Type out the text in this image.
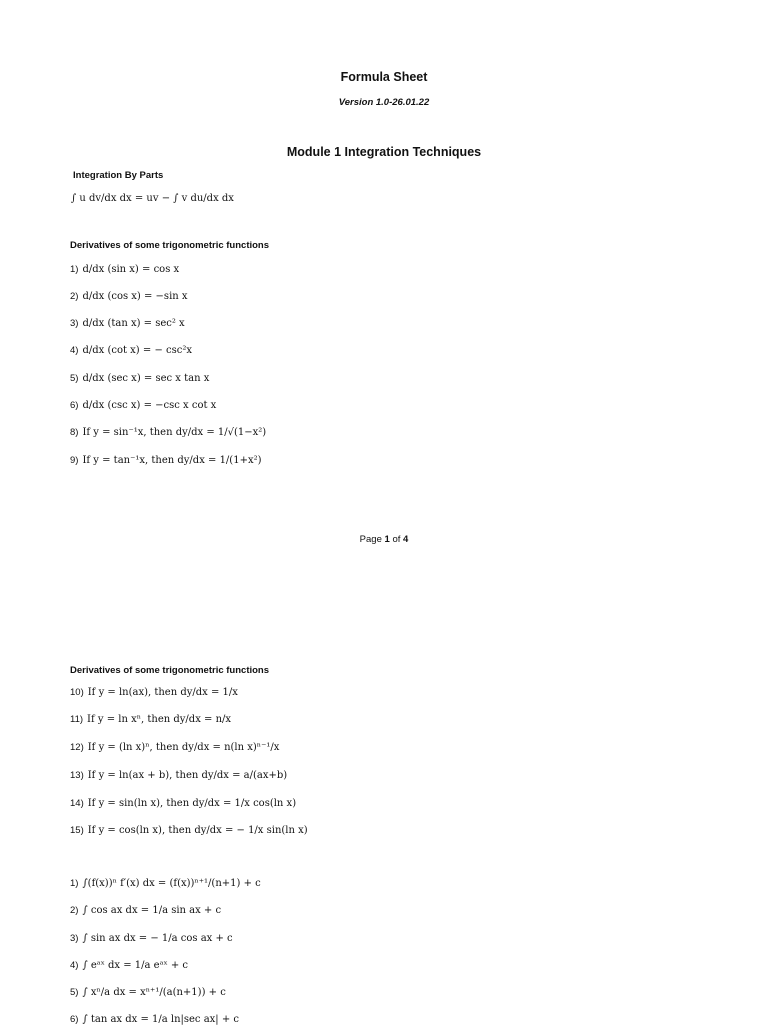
Formula Sheet
Version 1.0-26.01.22
Module 1 Integration Techniques
Integration By Parts
∫ u dv/dx dx = uv − ∫ v du/dx dx
Derivatives of some trigonometric functions
1) d/dx (sin x) = cos x
2) d/dx (cos x) = −sin x
3) d/dx (tan x) = sec² x
4) d/dx (cot x) = − csc²x
5) d/dx (sec x) = sec x tan x
6) d/dx (csc x) = −csc x cot x
8) If y = sin⁻¹x, then dy/dx = 1/√(1−x²)
9) If y = tan⁻¹x, then dy/dx = 1/(1+x²)
Page 1 of 4
Derivatives of some trigonometric functions
10) If y = ln(ax), then dy/dx = 1/x
11) If y = ln xⁿ, then dy/dx = n/x
12) If y = (ln x)ⁿ, then dy/dx = n(ln x)ⁿ⁻¹/x
13) If y = ln(ax + b), then dy/dx = a/(ax+b)
14) If y = sin(ln x), then dy/dx = 1/x cos(ln x)
15) If y = cos(ln x), then dy/dx = − 1/x sin(ln x)
1) ∫(f(x))ⁿ f′(x) dx = (f(x))ⁿ⁺¹/(n+1) + c
2) ∫ cos ax dx = 1/a sin ax + c
3) ∫ sin ax dx = − 1/a cos ax + c
4) ∫ eᵃˣ dx = 1/a eᵃˣ + c
5) ∫ xⁿ/a dx = xⁿ⁺¹/(a(n+1)) + c
6) ∫ tan ax dx = 1/a ln|sec ax| + c
